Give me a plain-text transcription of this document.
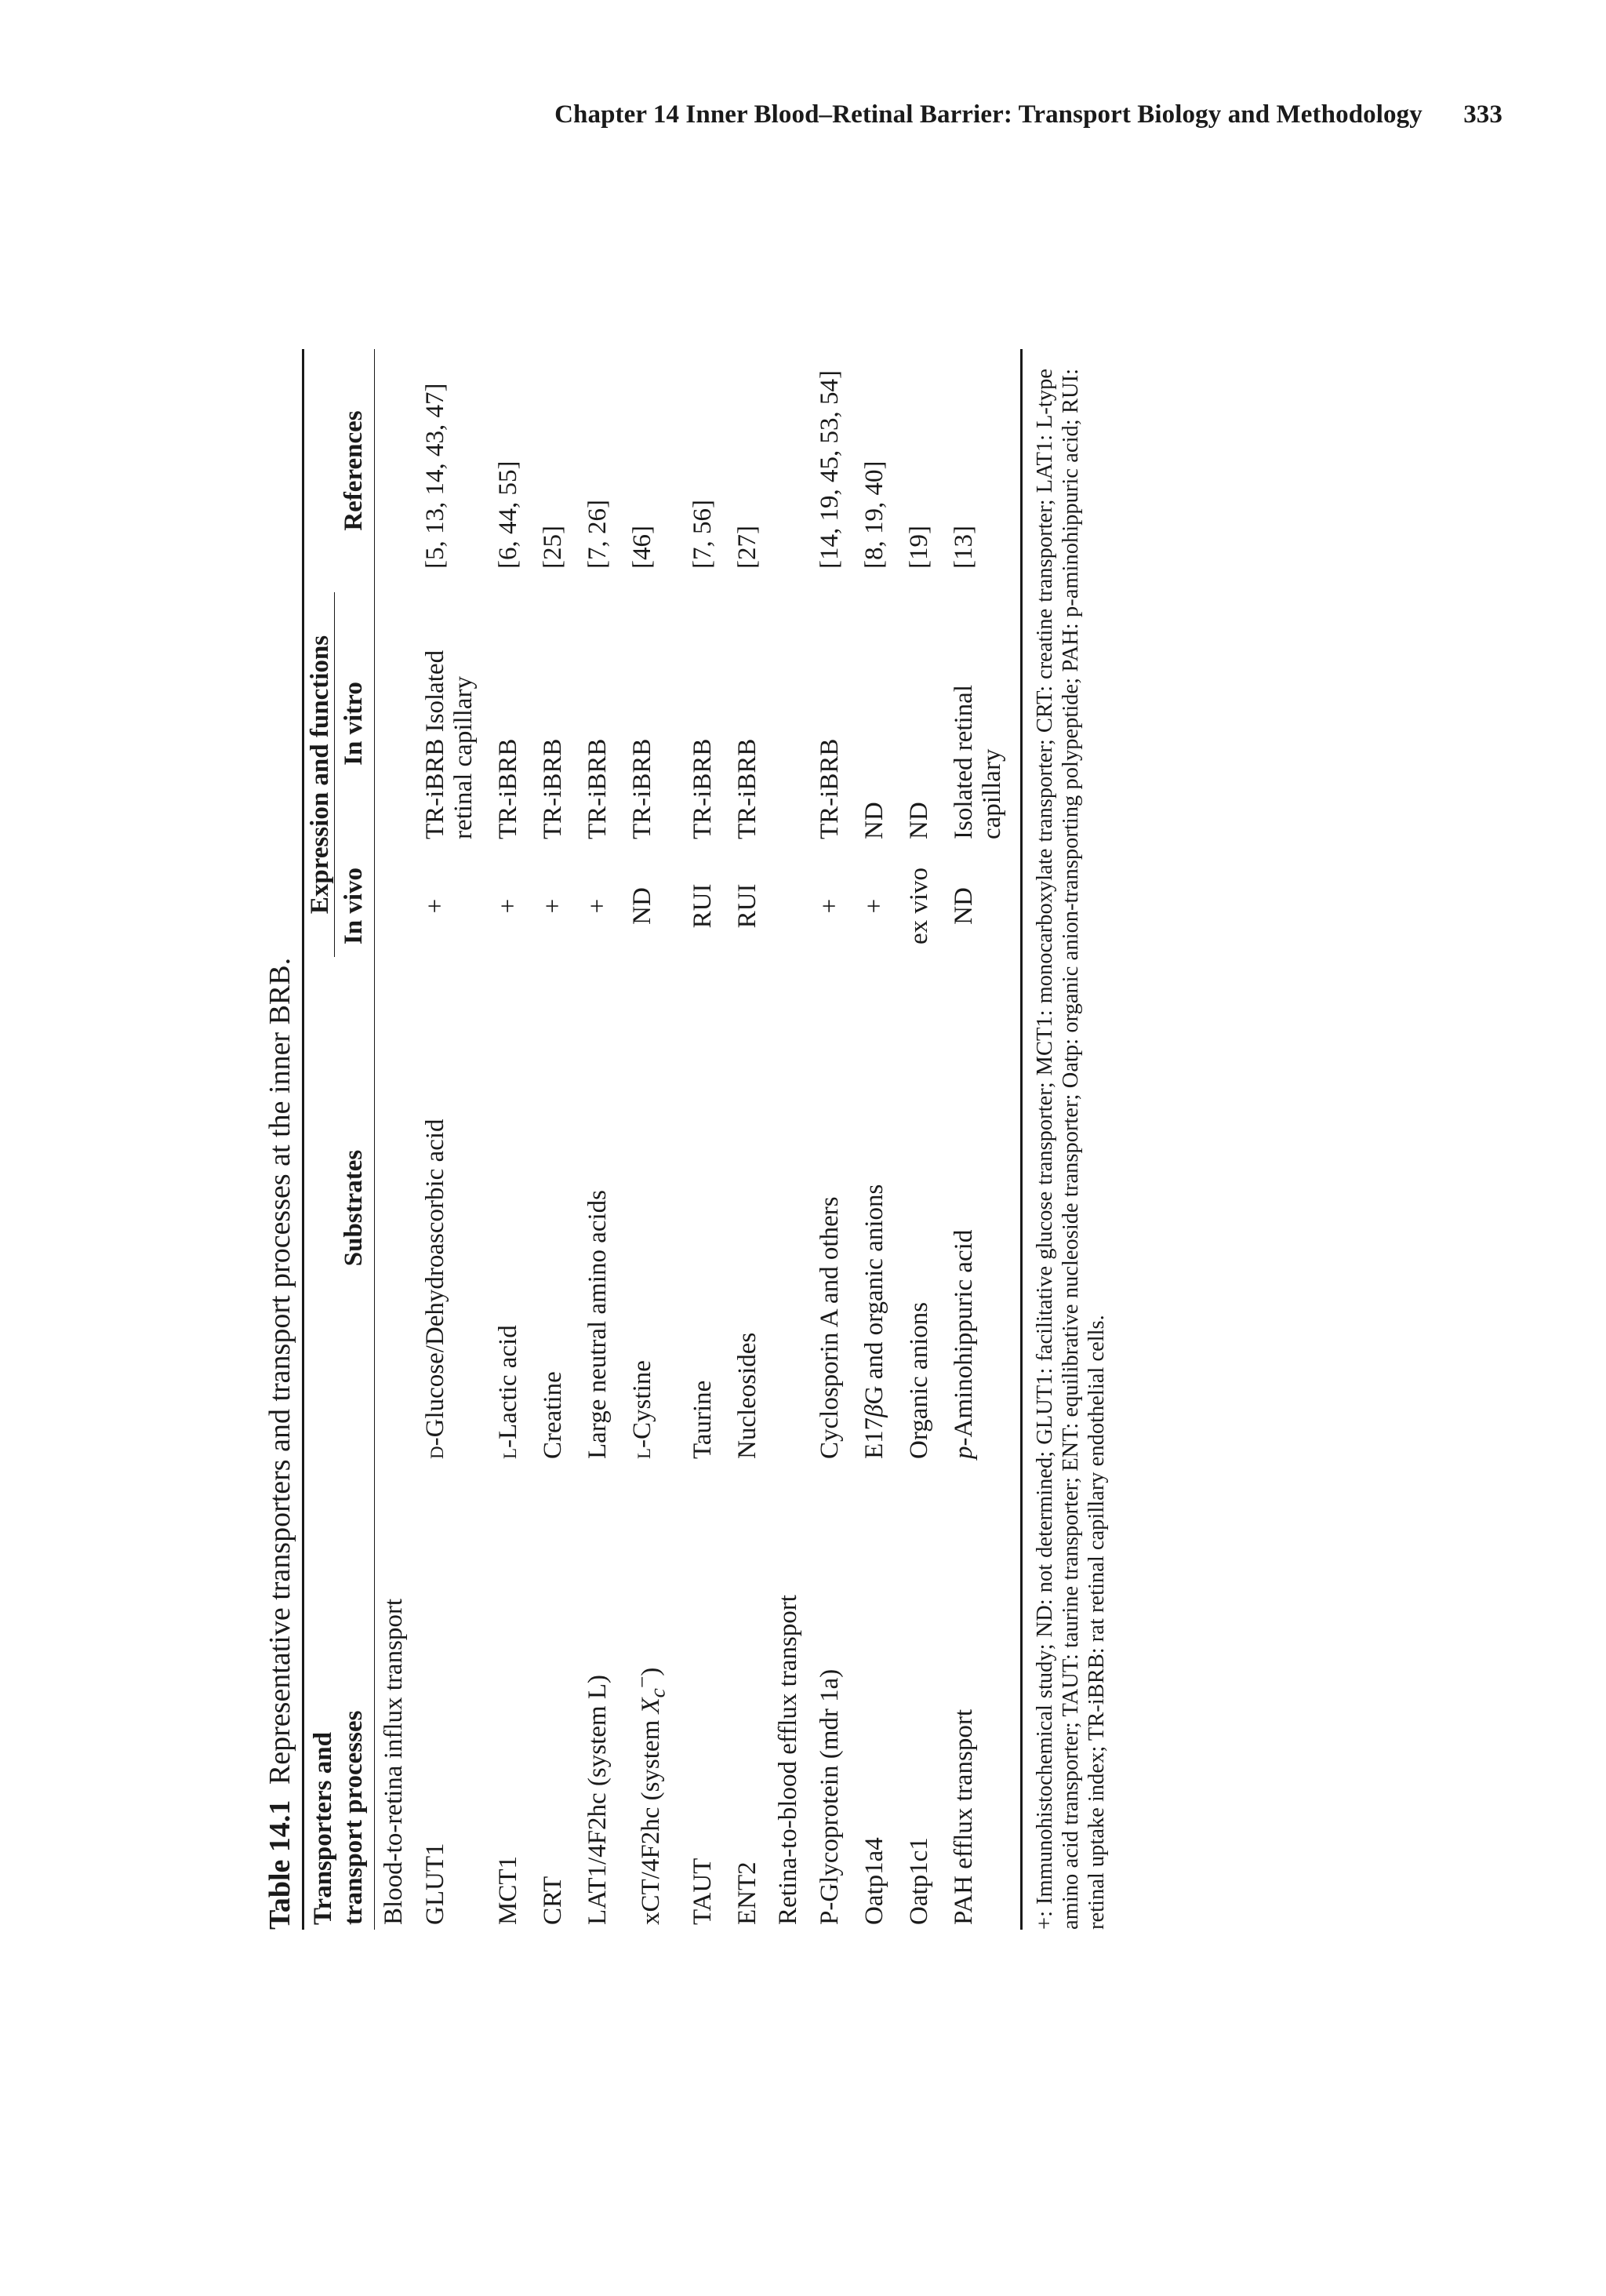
Chapter 14 Inner Blood–Retinal Barrier: Transport Biology and Methodology 333
Table 14.1 Representative transporters and transport processes at the inner BRB.
Transporters and
Expression and functions
transport processes
Substrates
In vivo
In vitro
References
Blood-to-retina influx transport GLUT1
d-Glucose/Dehydroascorbic acid
+
TR-iBRB Isolated retinal capillary
[5, 13, 14, 43, 47]
MCT1
l-Lactic acid
+
TR-iBRB
[6, 44, 55]
CRT
Creatine
+
TR-iBRB
[25]
LAT1/4F2hc (system L)
Large neutral amino acids
+
TR-iBRB
[7, 26]
xCT/4F2hc (system $X_c^-$)
l-Cystine
ND
TR-iBRB
[46]
TAUT
Taurine
RUI
TR-iBRB
[7, 56]
ENT2
Nucleosides
RUI
TR-iBRB
[27]
Retina-to-blood efflux transport P-Glycoprotein (mdr 1a)
Cyclosporin A and others
+
TR-iBRB
[14, 19, 45, 53, 54]
Oatp1a4
E17βG and organic anions
+
ND
[8, 19, 40]
Oatp1c1
Organic anions
ex vivo
ND
[19]
PAH efflux transport
p-Aminohippuric acid
ND
Isolated retinal capillary
[13]	+: Immunohistochemical study; ND: not determined; GLUT1: facilitative glucose transporter; MCT1: monocarboxylate transporter; CRT: creatine transporter; LAT1: L-type amino acid transporter; TAUT: taurine transporter; ENT: equilibrative nucleoside transporter; Oatp: organic anion-transporting polypeptide; PAH: p-aminohippuric acid; RUI: retinal uptake index; TR-iBRB: rat retinal capillary endothelial cells.
